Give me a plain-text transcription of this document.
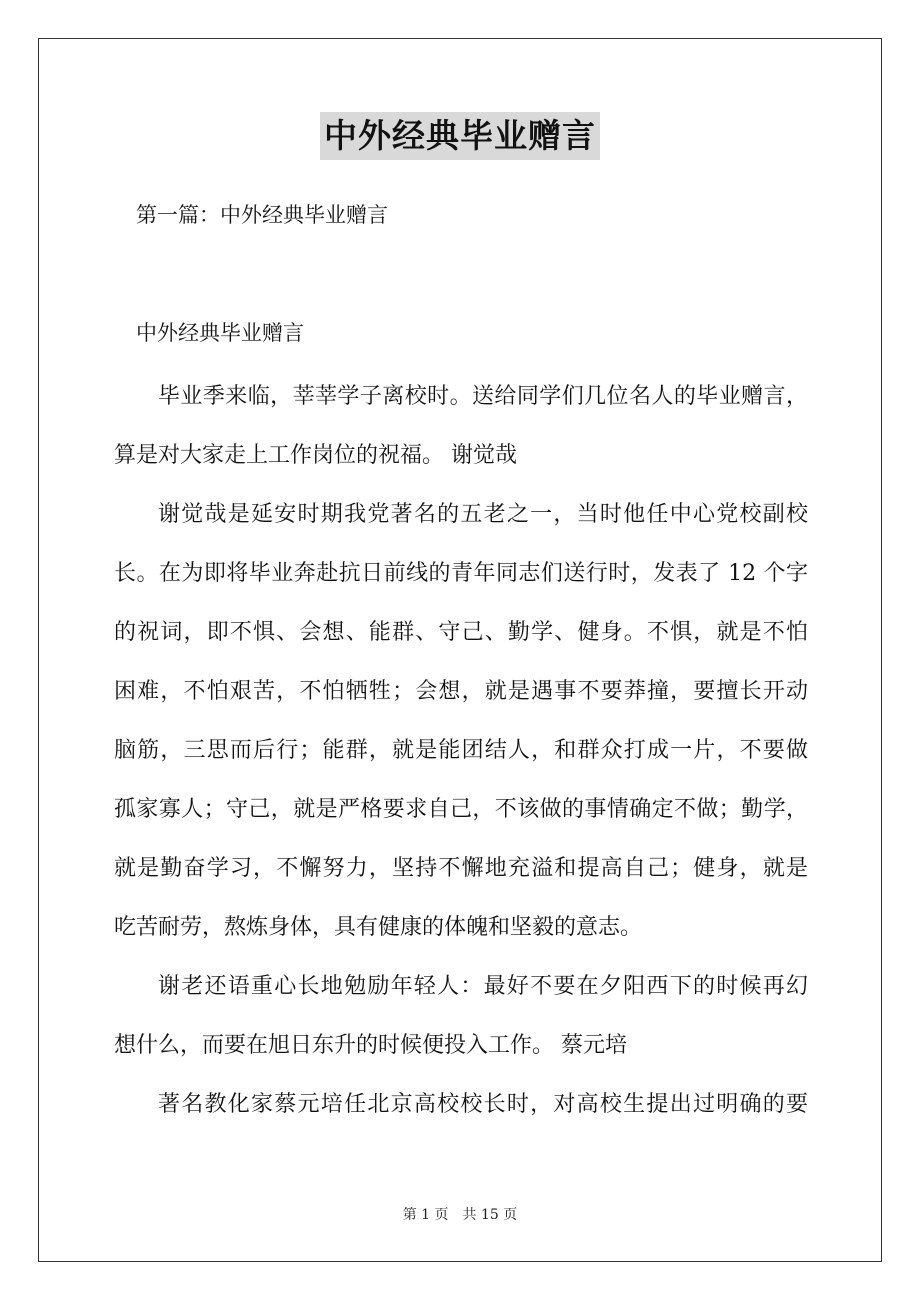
中外经典毕业赠言
第一篇：中外经典毕业赠言
中外经典毕业赠言
毕业季来临，莘莘学子离校时。送给同学们几位名人的毕业赠言，
算是对大家走上工作岗位的祝福。 谢觉哉
谢觉哉是延安时期我党著名的五老之一，当时他任中心党校副校
长。在为即将毕业奔赴抗日前线的青年同志们送行时，发表了 12 个字
的祝词，即不惧、会想、能群、守己、勤学、健身。不惧，就是不怕
困难，不怕艰苦，不怕牺牲；会想，就是遇事不要莽撞，要擅长开动
脑筋，三思而后行；能群，就是能团结人，和群众打成一片，不要做
孤家寡人；守己，就是严格要求自己，不该做的事情确定不做；勤学，
就是勤奋学习，不懈努力，坚持不懈地充溢和提高自己；健身，就是
吃苦耐劳，熬炼身体，具有健康的体魄和坚毅的意志。
谢老还语重心长地勉励年轻人：最好不要在夕阳西下的时候再幻
想什么，而要在旭日东升的时候便投入工作。 蔡元培
著名教化家蔡元培任北京高校校长时，对高校生提出过明确的要
第 1 页　共 15 页
